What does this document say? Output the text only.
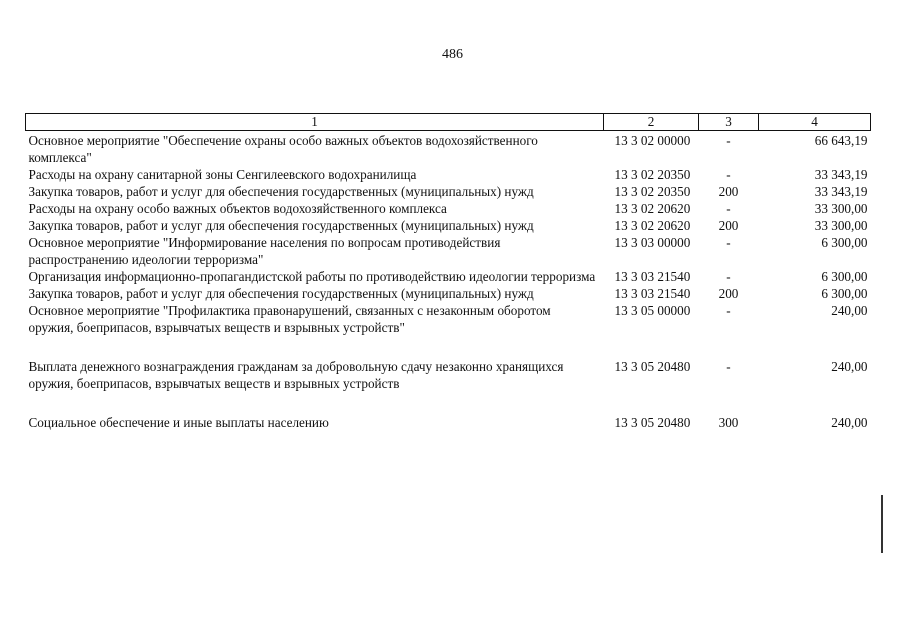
486
1	2	3	4
Основное мероприятие "Обеспечение охраны особо важных объектов водохозяйственного комплекса"	13 3 02 00000	-	66 643,19
Расходы на охрану санитарной зоны Сенгилеевского водохранилища	13 3 02 20350	-	33 343,19
Закупка товаров, работ и услуг для обеспечения государственных (муниципальных) нужд	13 3 02 20350	200	33 343,19
Расходы на охрану особо важных объектов водохозяйственного комплекса	13 3 02 20620	-	33 300,00
Закупка товаров, работ и услуг для обеспечения государственных (муниципальных) нужд	13 3 02 20620	200	33 300,00
Основное мероприятие "Информирование населения по вопросам противодействия распространению идеологии терроризма"	13 3 03 00000	-	6 300,00
Организация информационно-пропагандистской работы по противодействию идеологии терроризма	13 3 03 21540	-	6 300,00
Закупка товаров, работ и услуг для обеспечения государственных (муниципальных) нужд	13 3 03 21540	200	6 300,00
Основное мероприятие "Профилактика правонарушений, связанных с незаконным оборотом оружия, боеприпасов, взрывчатых веществ и взрывных устройств"	13 3 05 00000	-	240,00
Выплата денежного вознаграждения гражданам за добровольную сдачу незаконно хранящихся оружия, боеприпасов, взрывчатых веществ и взрывных устройств	13 3 05 20480	-	240,00
Социальное обеспечение и иные выплаты населению	13 3 05 20480	300	240,00
